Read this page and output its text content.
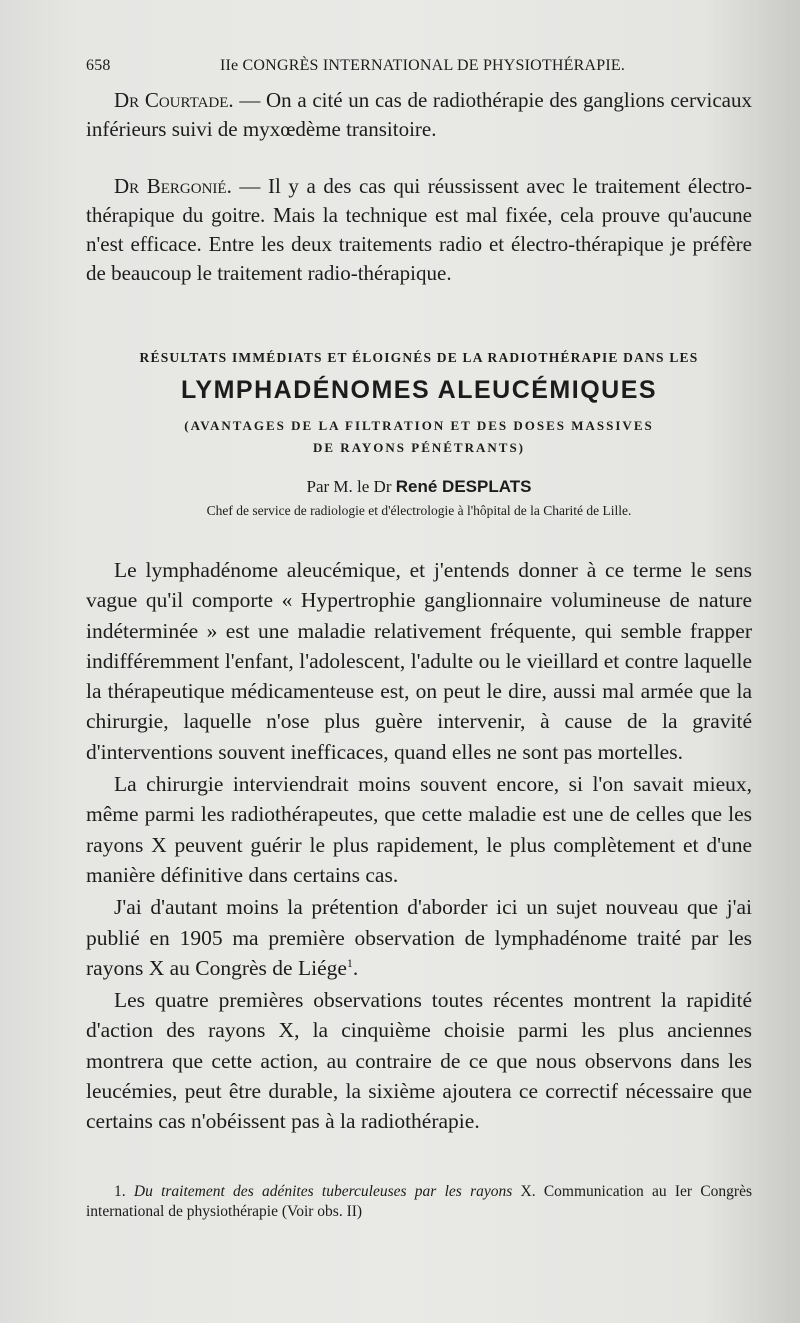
658	IIe CONGRÈS INTERNATIONAL DE PHYSIOTHÉRAPIE.

Dr Courtade. — On a cité un cas de radiothérapie des ganglions cervicaux inférieurs suivi de myxœdème transitoire.

Dr Bergonié. — Il y a des cas qui réussissent avec le traitement électro-thérapique du goitre. Mais la technique est mal fixée, cela prouve qu'aucune n'est efficace. Entre les deux traitements radio et électro-thérapique je préfère de beaucoup le traitement radio-thérapique.

RÉSULTATS IMMÉDIATS ET ÉLOIGNÉS DE LA RADIOTHÉRAPIE DANS LES
LYMPHADÉNOMES ALEUCÉMIQUES
(AVANTAGES DE LA FILTRATION ET DES DOSES MASSIVES
DE RAYONS PÉNÉTRANTS)
Par M. le Dr René DESPLATS
Chef de service de radiologie et d'électrologie à l'hôpital de la Charité de Lille.

Le lymphadénome aleucémique, et j'entends donner à ce terme le sens vague qu'il comporte « Hypertrophie ganglionnaire volumineuse de nature indéterminée » est une maladie relativement fréquente, qui semble frapper indifféremment l'enfant, l'adolescent, l'adulte ou le vieillard et contre laquelle la thérapeutique médicamenteuse est, on peut le dire, aussi mal armée que la chirurgie, laquelle n'ose plus guère intervenir, à cause de la gravité d'interventions souvent inefficaces, quand elles ne sont pas mortelles.

La chirurgie interviendrait moins souvent encore, si l'on savait mieux, même parmi les radiothérapeutes, que cette maladie est une de celles que les rayons X peuvent guérir le plus rapidement, le plus complètement et d'une manière définitive dans certains cas.

J'ai d'autant moins la prétention d'aborder ici un sujet nouveau que j'ai publié en 1905 ma première observation de lymphadénome traité par les rayons X au Congrès de Liége$^1$.

Les quatre premières observations toutes récentes montrent la rapidité d'action des rayons X, la cinquième choisie parmi les plus anciennes montrera que cette action, au contraire de ce que nous observons dans les leucémies, peut être durable, la sixième ajoutera ce correctif nécessaire que certains cas n'obéissent pas à la radiothérapie.

1. Du traitement des adénites tuberculeuses par les rayons X. Communication au Ier Congrès international de physiothérapie (Voir obs. II)
